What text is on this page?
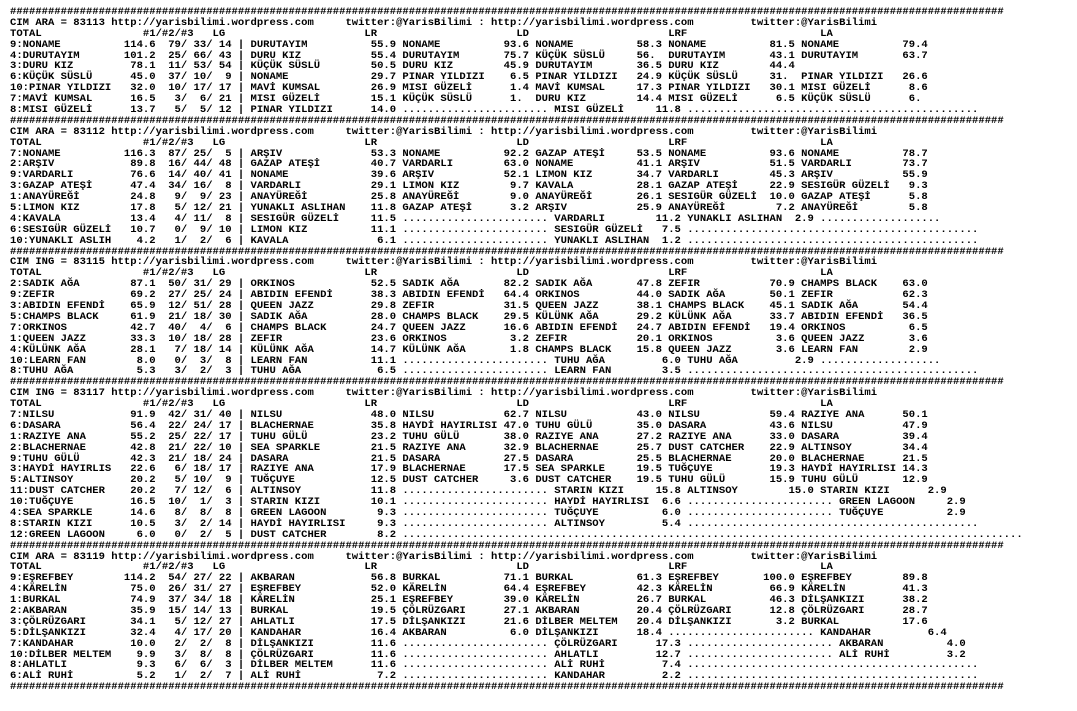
#############################################################################################################################################################
CIM ARA = 83113 http://yarisbilimi.wordpress.com     twitter:@YarisBilimi : http://yarisbilimi.wordpress.com         twitter:@YarisBilimi
TOTAL                #1/#2/#3   LG                      LR                      LD                      LRF                     LA
9:NONAME          114.6  79/ 33/ 14 | DURUTAYIM          55.9 NONAME          93.6 NONAME          58.3 NONAME          81.5 NONAME          79.4
4:DURUTAYIM       101.2  25/ 66/ 43 | DURU KIZ           55.4 DURUTAYIM       75.7 KÜÇÜK SÜSLÜ     56.  DURUTAYIM       43.1 DURUTAYIM       63.7
3:DURU KIZ         78.1  11/ 53/ 54 | KÜÇÜK SÜSLÜ        50.5 DURU KIZ        45.9 DURUTAYIM       36.5 DURU KIZ        44.4
6:KÜÇÜK SÜSLÜ      45.0  37/ 10/  9 | NONAME             29.7 PINAR YILDIZI    6.5 PINAR YILDIZI   24.9 KÜÇÜK SÜSLÜ     31.  PINAR YILDIZI   26.6
10:PINAR YILDIZI   32.0  10/ 17/ 17 | MAVİ KUMSAL        26.9 MISI GÜZELİ      1.4 MAVİ KUMSAL     17.3 PINAR YILDIZI   30.1 MISI GÜZELİ      8.6
7:MAVİ KUMSAL      16.5   3/  6/ 21 | MISI GÜZELİ        15.1 KÜÇÜK SÜSLÜ      1.  DURU KIZ        14.4 MISI GÜZELİ      6.5 KÜÇÜK SÜSLÜ      6.
8:MISI GÜZELİ      13.7   5/  5/ 12 | PINAR YILDIZI      14.0 ....................... MISI GÜZELİ     11.8 ..............................................
#############################################################################################################################################################
CIM ARA = 83112 http://yarisbilimi.wordpress.com     twitter:@YarisBilimi : http://yarisbilimi.wordpress.com         twitter:@YarisBilimi
TOTAL                #1/#2/#3   LG                      LR                      LD                      LRF                     LA
7:NONAME          116.3  87/ 25/  5 | ARŞIV              53.3 NONAME          92.2 GAZAP ATEŞİ     53.5 NONAME          93.6 NONAME          78.7
2:ARŞIV            89.8  16/ 44/ 48 | GAZAP ATEŞİ        40.7 VARDARLI        63.0 NONAME          41.1 ARŞIV           51.5 VARDARLI        73.7
9:VARDARLI         76.6  14/ 40/ 41 | NONAME             39.6 ARŞIV           52.1 LIMON KIZ       34.7 VARDARLI        45.3 ARŞIV           55.9
3:GAZAP ATEŞİ      47.4  34/ 16/  8 | VARDARLI           29.1 LIMON KIZ        9.7 KAVALA          28.1 GAZAP ATEŞİ     22.9 SESIGÜR GÜZELİ   9.3
1:ANAYÜREĞİ        24.8   9/  9/ 23 | ANAYÜREĞİ          25.8 ANAYÜREĞİ        9.0 ANAYÜREĞİ       26.1 SESIGÜR GÜZELİ  10.0 GAZAP ATEŞİ      5.8
5:LIMON KIZ        17.8   5/ 12/ 21 | YUNAKLI ASLIHAN    11.8 GAZAP ATEŞİ      3.2 ARŞIV           25.9 ANAYÜREĞİ        7.2 ANAYÜREĞİ        5.8
4:KAVALA           13.4   4/ 11/  8 | SESIGÜR GÜZELİ     11.5 ....................... VARDARLI        11.2 YUNAKLI ASLIHAN  2.9 ...................
6:SESIGÜR GÜZELİ   10.7   0/  9/ 10 | LIMON KIZ          11.1 ....................... SESIGÜR GÜZELİ   7.5 ..............................................
10:YUNAKLI ASLIH    4.2   1/  2/  6 | KAVALA              6.1 ....................... YUNAKLI ASLIHAN  1.2 ..............................................
#############################################################################################################################################################
CIM ING = 83115 http://yarisbilimi.wordpress.com     twitter:@YarisBilimi : http://yarisbilimi.wordpress.com         twitter:@YarisBilimi
TOTAL                #1/#2/#3   LG                      LR                      LD                      LRF                     LA
2:SADIK AĞA        87.1  50/ 31/ 29 | ORKINOS            52.5 SADIK AĞA       82.2 SADIK AĞA       47.8 ZEFIR           70.9 CHAMPS BLACK    63.0
9:ZEFIR            69.2  27/ 25/ 24 | ABIDIN EFENDİ      38.3 ABIDIN EFENDİ   64.4 ORKINOS         44.0 SADIK AĞA       50.1 ZEFIR           62.3
3:ABIDIN EFENDİ    65.9  12/ 51/ 28 | QUEEN JAZZ         29.8 ZEFIR           31.5 QUEEN JAZZ      38.1 CHAMPS BLACK    45.1 SADIK AĞA       54.4
5:CHAMPS BLACK     61.9  21/ 18/ 30 | SADIK AĞA          28.0 CHAMPS BLACK    29.5 KÜLÜNK AĞA      29.2 KÜLÜNK AĞA      33.7 ABIDIN EFENDİ   36.5
7:ORKINOS          42.7  40/  4/  6 | CHAMPS BLACK       24.7 QUEEN JAZZ      16.6 ABIDIN EFENDİ   24.7 ABIDIN EFENDİ   19.4 ORKINOS          6.5
1:QUEEN JAZZ       33.3  10/ 18/ 28 | ZEFIR              23.6 ORKINOS          3.2 ZEFIR           20.1 ORKINOS          3.6 QUEEN JAZZ       3.6
4:KÜLÜNK AĞA       28.1   7/ 18/ 14 | KÜLÜNK AĞA         14.7 KÜLÜNK AĞA       1.8 CHAMPS BLACK    15.8 QUEEN JAZZ       3.6 LEARN FAN        2.9
10:LEARN FAN        8.0   0/  3/  8 | LEARN FAN          11.1 ....................... TUHU AĞA         6.0 TUHU AĞA         2.9 ...................
8:TUHU AĞA          5.3   3/  2/  3 | TUHU AĞA            6.5 ....................... LEARN FAN        3.5 ..............................................
#############################################################################################################################################################
CIM ING = 83117 http://yarisbilimi.wordpress.com     twitter:@YarisBilimi : http://yarisbilimi.wordpress.com         twitter:@YarisBilimi
TOTAL                #1/#2/#3   LG                      LR                      LD                      LRF                     LA
7:NILSU            91.9  42/ 31/ 40 | NILSU              48.0 NILSU           62.7 NILSU           43.0 NILSU           59.4 RAZIYE ANA      50.1
6:DASARA           56.4  22/ 24/ 17 | BLACHERNAE         35.8 HAYDİ HAYIRLISI 47.0 TUHU GÜLÜ       35.0 DASARA          43.6 NILSU           47.9
1:RAZIYE ANA       55.2  25/ 22/ 17 | TUHU GÜLÜ          23.2 TUHU GÜLÜ       38.0 RAZIYE ANA      27.2 RAZIYE ANA      33.0 DASARA          39.4
2:BLACHERNAE       42.8  21/ 22/ 10 | SEA SPARKLE        21.5 RAZIYE ANA      32.9 BLACHERNAE      25.7 DUST CATCHER    22.9 ALTINSOY        34.4
9:TUHU GÜLÜ        42.3  21/ 18/ 24 | DASARA             21.5 DASARA          27.5 DASARA          25.5 BLACHERNAE      20.0 BLACHERNAE      21.5
3:HAYDİ HAYIRLIS   22.6   6/ 18/ 17 | RAZIYE ANA         17.9 BLACHERNAE      17.5 SEA SPARKLE     19.5 TUĞÇUYE         19.3 HAYDİ HAYIRLISI 14.3
5:ALTINSOY         20.2   5/ 10/  9 | TUĞÇUYE            12.5 DUST CATCHER     3.6 DUST CATCHER    19.5 TUHU GÜLÜ       15.9 TUHU GÜLÜ       12.9
11:DUST CATCHER    20.2   7/ 12/  6 | ALTINSOY           11.8 ....................... STARIN KIZI     15.8 ALTINSOY        15.0 STARIN KIZI      2.9
10:TUĞÇUYE         16.5  10/  1/  3 | STARIN KIZI        10.1 ....................... HAYDİ HAYIRLISI  6.6 ....................... GREEN LAGOON     2.9
4:SEA SPARKLE      14.6   8/  8/  8 | GREEN LAGOON        9.3 ....................... TUĞÇUYE          6.0 ....................... TUĞÇUYE          2.9
8:STARIN KIZI      10.5   3/  2/ 14 | HAYDİ HAYIRLISI     9.3 ....................... ALTINSOY         5.4 ..............................................
12:GREEN LAGOON     6.0   0/  2/  5 | DUST CATCHER        8.2 ..................................................................................................
#############################################################################################################################################################
CIM ARA = 83119 http://yarisbilimi.wordpress.com     twitter:@YarisBilimi : http://yarisbilimi.wordpress.com         twitter:@YarisBilimi
TOTAL                #1/#2/#3   LG                      LR                      LD                      LRF                     LA
9:EŞREFBEY        114.2  54/ 27/ 22 | AKBARAN            56.8 BURKAL          71.1 BURKAL          61.3 EŞREFBEY       100.0 EŞREFBEY        89.8
4:KÄRELİN          75.0  26/ 31/ 27 | EŞREFBEY           52.0 KÄRELİN         64.4 EŞREFBEY        42.3 KÄRELİN         66.9 KÄRELİN         41.3
1:BURKAL           74.9  37/ 34/ 18 | KÄRELİN            25.1 EŞREFBEY        39.0 KÄRELİN         26.7 BURKAL          46.3 DİLŞANKIZI      38.2
2:AKBARAN          35.9  15/ 14/ 13 | BURKAL             19.5 ÇÖLRÜZGARI      27.1 AKBARAN         20.4 ÇÖLRÜZGARI      12.8 ÇÖLRÜZGARI      28.7
3:ÇÖLRÜZGARI       34.1   5/ 12/ 27 | AHLATLI            17.5 DİLŞANKIZI      21.6 DİLBER MELTEM   20.4 DİLŞANKIZI       3.2 BURKAL          17.6
5:DİLŞANKIZI       32.4   4/ 17/ 20 | KANDAHAR           16.4 AKBARAN          6.0 DİLŞANKIZI      18.4 ....................... KANDAHAR         6.4
7:KANDAHAR         10.0   2/  2/  8 | DİLŞANKIZI         11.6 ....................... ÇÖLRÜZGARI      17.3 ....................... AKBARAN          4.0
10:DİLBER MELTEM    9.9   3/  8/  8 | ÇÖLRÜZGARI         11.6 ....................... AHLATLI         12.7 ....................... ALİ RUHİ         3.2
8:AHLATLI           9.3   6/  6/  3 | DİLBER MELTEM      11.6 ....................... ALİ RUHİ         7.4 ..............................................
6:ALİ RUHİ          5.2   1/  2/  7 | ALİ RUHİ            7.2 ....................... KANDAHAR         2.2 ..............................................
#############################################################################################################################################################
